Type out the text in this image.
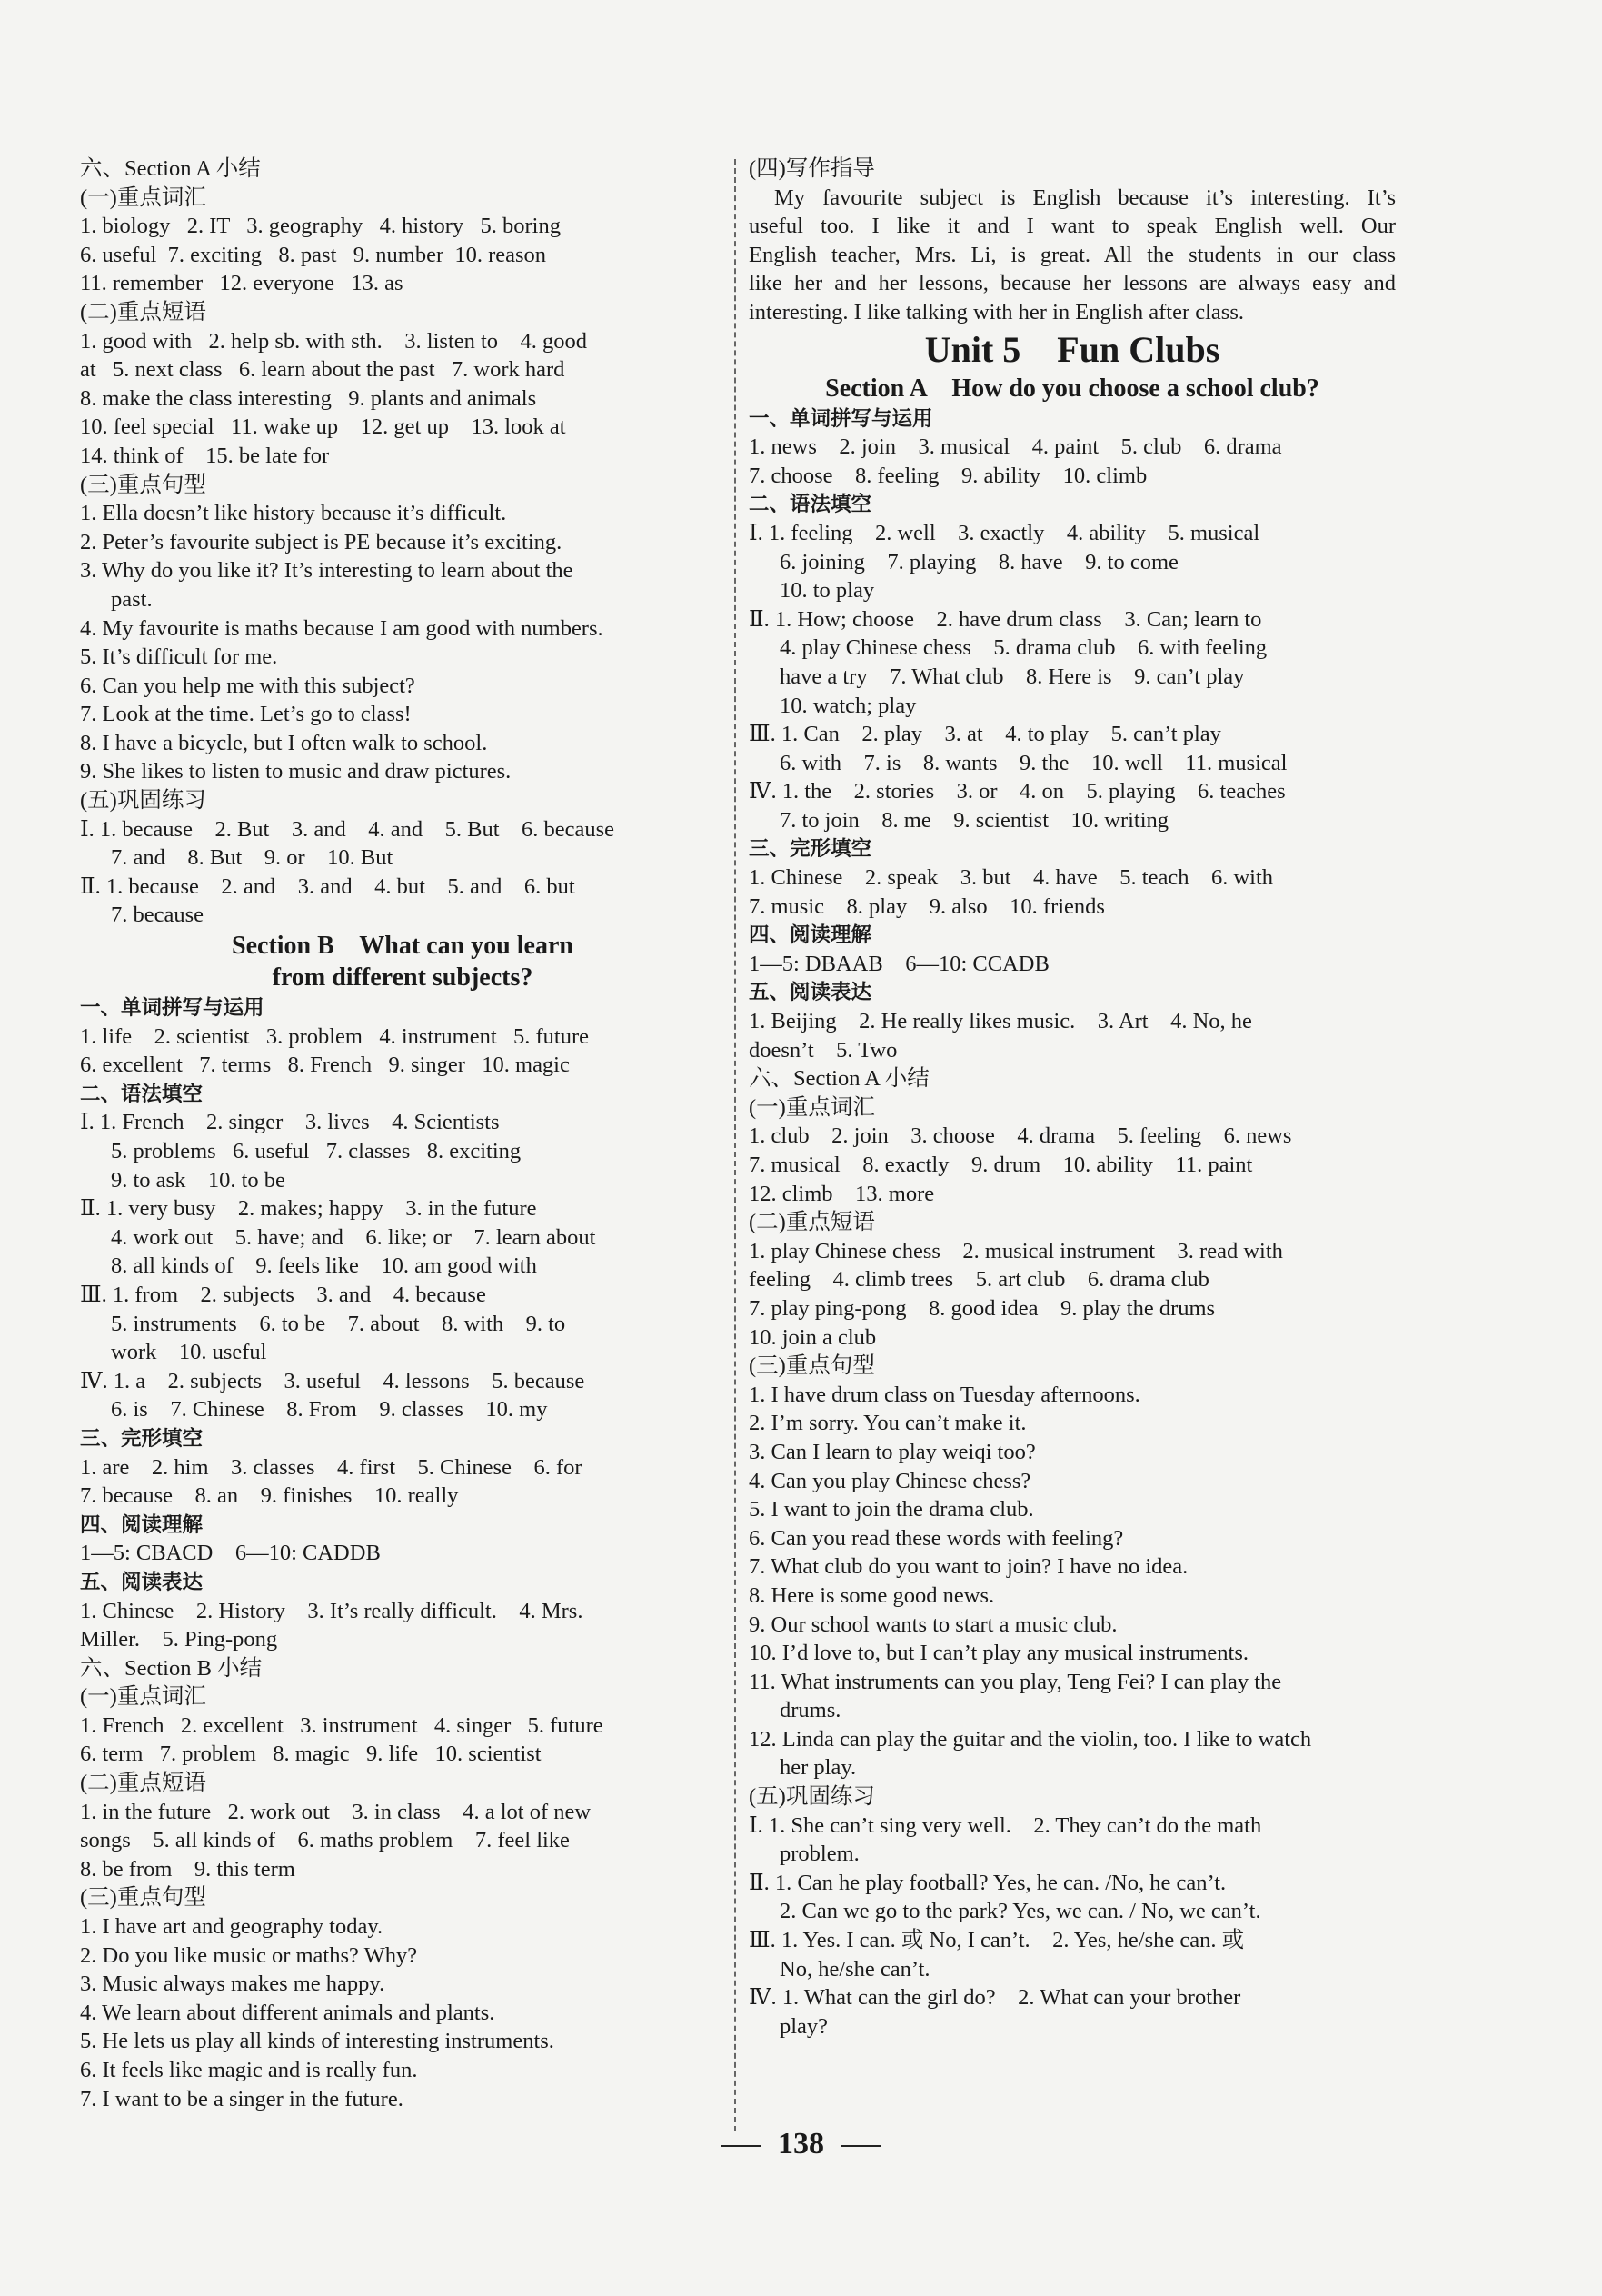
六、Section A 小结
(一)重点词汇
1. biology   2. IT   3. geography   4. history   5. boring
6. useful  7. exciting   8. past   9. number  10. reason
11. remember   12. everyone   13. as
(二)重点短语
1. good with   2. help sb. with sth.    3. listen to    4. good
at   5. next class   6. learn about the past   7. work hard
8. make the class interesting   9. plants and animals
10. feel special   11. wake up    12. get up    13. look at
14. think of    15. be late for
(三)重点句型
1. Ella doesn’t like history because it’s difficult.
2. Peter’s favourite subject is PE because it’s exciting.
3. Why do you like it? It’s interesting to learn about the
past.
4. My favourite is maths because I am good with numbers.
5. It’s difficult for me.
6. Can you help me with this subject?
7. Look at the time. Let’s go to class!
8. I have a bicycle, but I often walk to school.
9. She likes to listen to music and draw pictures.
(五)巩固练习
Ⅰ. 1. because    2. But    3. and    4. and    5. But    6. because
7. and    8. But    9. or    10. But
Ⅱ. 1. because    2. and    3. and    4. but    5. and    6. but
7. because
Section B    What can you learn
from different subjects?
一、单词拼写与运用
1. life    2. scientist   3. problem   4. instrument   5. future
6. excellent   7. terms   8. French   9. singer   10. magic
二、语法填空
Ⅰ. 1. French    2. singer    3. lives    4. Scientists
5. problems   6. useful   7. classes   8. exciting
9. to ask    10. to be
Ⅱ. 1. very busy    2. makes; happy    3. in the future
4. work out    5. have; and    6. like; or    7. learn about
8. all kinds of    9. feels like    10. am good with
Ⅲ. 1. from    2. subjects    3. and    4. because
5. instruments    6. to be    7. about    8. with    9. to
work    10. useful
Ⅳ. 1. a    2. subjects    3. useful    4. lessons    5. because
6. is    7. Chinese    8. From    9. classes    10. my
三、完形填空
1. are    2. him    3. classes    4. first    5. Chinese    6. for
7. because    8. an    9. finishes    10. really
四、阅读理解
1—5: CBACD    6—10: CADDB
五、阅读表达
1. Chinese    2. History    3. It’s really difficult.    4. Mrs.
Miller.    5. Ping-pong
六、Section B 小结
(一)重点词汇
1. French   2. excellent   3. instrument   4. singer   5. future
6. term   7. problem   8. magic   9. life   10. scientist
(二)重点短语
1. in the future   2. work out    3. in class    4. a lot of new
songs    5. all kinds of    6. maths problem    7. feel like
8. be from    9. this term
(三)重点句型
1. I have art and geography today.
2. Do you like music or maths? Why?
3. Music always makes me happy.
4. We learn about different animals and plants.
5. He lets us play all kinds of interesting instruments.
6. It feels like magic and is really fun.
7. I want to be a singer in the future.
(四)写作指导
My favourite subject is English because it’s interesting. It’s
useful too. I like it and I want to speak English well. Our
English teacher, Mrs. Li, is great. All the students in our class
like her and her lessons, because her lessons are always easy and
interesting. I like talking with her in English after class.
Unit 5    Fun Clubs
Section A    How do you choose a school club?
一、单词拼写与运用
1. news    2. join    3. musical    4. paint    5. club    6. drama
7. choose    8. feeling    9. ability    10. climb
二、语法填空
Ⅰ. 1. feeling    2. well    3. exactly    4. ability    5. musical
6. joining    7. playing    8. have    9. to come
10. to play
Ⅱ. 1. How; choose    2. have drum class    3. Can; learn to
4. play Chinese chess    5. drama club    6. with feeling
have a try    7. What club    8. Here is    9. can’t play
10. watch; play
Ⅲ. 1. Can    2. play    3. at    4. to play    5. can’t play
6. with    7. is    8. wants    9. the    10. well    11. musical
Ⅳ. 1. the    2. stories    3. or    4. on    5. playing    6. teaches
7. to join    8. me    9. scientist    10. writing
三、完形填空
1. Chinese    2. speak    3. but    4. have    5. teach    6. with
7. music    8. play    9. also    10. friends
四、阅读理解
1—5: DBAAB    6—10: CCADB
五、阅读表达
1. Beijing    2. He really likes music.    3. Art    4. No, he
doesn’t    5. Two
六、Section A 小结
(一)重点词汇
1. club    2. join    3. choose    4. drama    5. feeling    6. news
7. musical    8. exactly    9. drum    10. ability    11. paint
12. climb    13. more
(二)重点短语
1. play Chinese chess    2. musical instrument    3. read with
feeling    4. climb trees    5. art club    6. drama club
7. play ping-pong    8. good idea    9. play the drums
10. join a club
(三)重点句型
1. I have drum class on Tuesday afternoons.
2. I’m sorry. You can’t make it.
3. Can I learn to play weiqi too?
4. Can you play Chinese chess?
5. I want to join the drama club.
6. Can you read these words with feeling?
7. What club do you want to join? I have no idea.
8. Here is some good news.
9. Our school wants to start a music club.
10. I’d love to, but I can’t play any musical instruments.
11. What instruments can you play, Teng Fei? I can play the
drums.
12. Linda can play the guitar and the violin, too. I like to watch
her play.
(五)巩固练习
Ⅰ. 1. She can’t sing very well.    2. They can’t do the math
problem.
Ⅱ. 1. Can he play football? Yes, he can. /No, he can’t.
2. Can we go to the park? Yes, we can. / No, we can’t.
Ⅲ. 1. Yes. I can. 或 No, I can’t.    2. Yes, he/she can. 或
No, he/she can’t.
Ⅳ. 1. What can the girl do?    2. What can your brother
play?
138
